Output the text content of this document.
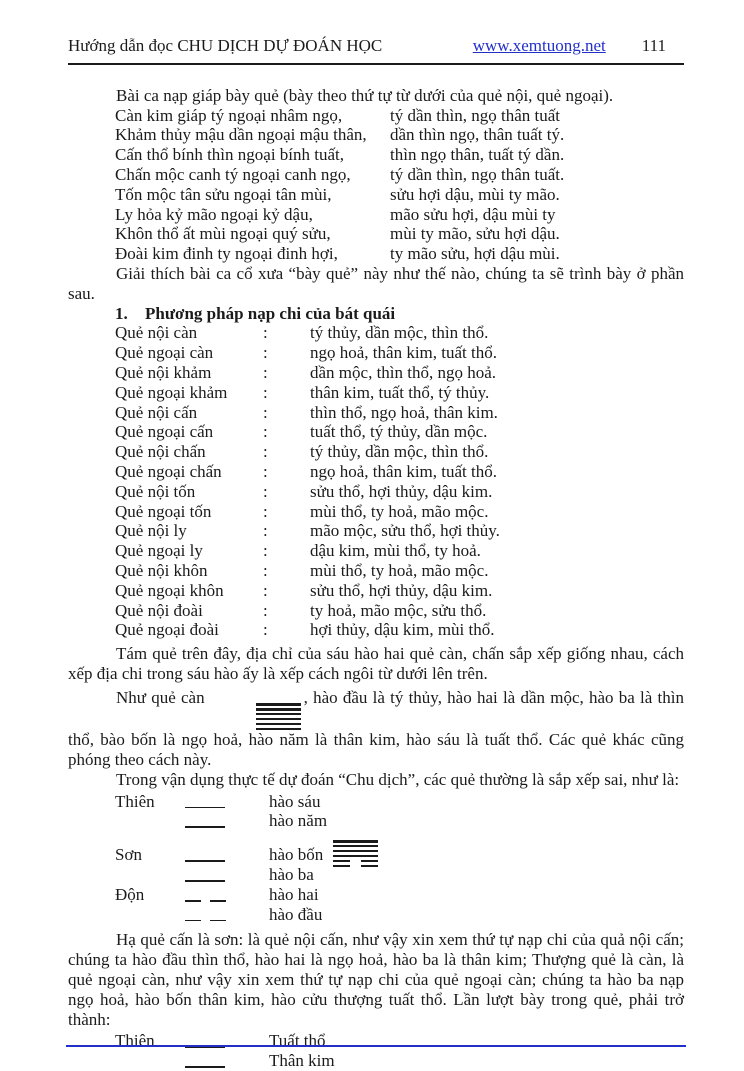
Hướng dẫn đọc CHU DỊCH DỰ ĐOÁN HỌC	www.xemtuong.net 111

Bài ca nạp giáp bày quẻ (bày theo thứ tự từ dưới của quẻ nội, quẻ ngoại).

Càn kim giáp tý ngoại nhâm ngọ,	tý dần thìn, ngọ thân tuất
Khảm thủy mậu dần ngoại mậu thân,	dần thìn ngọ, thân tuất tý.
Cấn thổ bính thìn ngoại bính tuất,	thìn ngọ thân, tuất tý dần.
Chấn mộc canh tý ngoại canh ngọ,	tý dần thìn, ngọ thân tuất.
Tốn mộc tân sửu ngoại tân mùi,	sửu hợi dậu, mùi ty mão.
Ly hỏa kỷ mão ngoại kỷ dậu,	mão sửu hợi, dậu mùi ty
Khôn thổ ất mùi ngoại quý sửu,	mùi ty mão, sửu hợi dậu.
Đoài kim đinh ty ngoại đinh hợi,	ty mão sửu, hợi dậu mùi.

Giải thích bài ca cổ xưa “bày quẻ” này như thế nào, chúng ta sẽ trình bày ở phần sau.

1.	Phương pháp nạp chi của bát quái
Quẻ nội càn	:	tý thủy, dần mộc, thìn thổ.
Quẻ ngoại càn	:	ngọ hoả, thân kim, tuất thổ.
Quẻ nội khảm	:	dần mộc, thìn thổ, ngọ hoả.
Quẻ ngoại khảm	:	thân kim, tuất thổ, tý thủy.
Quẻ nội cấn	:	thìn thổ, ngọ hoả, thân kim.
Quẻ ngoại cấn	:	tuất thổ, tý thủy, dần mộc.
Quẻ nội chấn	:	tý thủy, dần mộc, thìn thổ.
Quẻ ngoại chấn	:	ngọ hoả, thân kim, tuất thổ.
Quẻ nội tốn	:	sửu thổ, hợi thủy, dậu kim.
Quẻ ngoại tốn	:	mùi thổ, ty hoả, mão mộc.
Quẻ nội ly	:	mão mộc, sửu thổ, hợi thủy.
Quẻ ngoại ly	:	dậu kim, mùi thổ, ty hoả.
Quẻ nội khôn	:	mùi thổ, ty hoả, mão mộc.
Quẻ ngoại khôn	:	sửu thổ, hợi thủy, dậu kim.
Quẻ nội đoài	:	ty hoả, mão mộc, sửu thổ.
Quẻ ngoại đoài	:	hợi thủy, dậu kim, mùi thổ.

Tám quẻ trên đây, địa chỉ của sáu hào hai quẻ càn, chấn sắp xếp giống nhau, cách xếp địa chi trong sáu hào ấy là xếp cách ngôi từ dưới lên trên.

Như quẻ càn	, hào đầu là tý thủy, hào hai là dần mộc, hào ba là thìn thổ, bào bốn là ngọ hoả, hào năm là thân kim, hào sáu là tuất thổ. Các quẻ khác cũng phóng theo cách này.

Trong vận dụng thực tế dự đoán “Chu dịch”, các quẻ thường là sắp xếp sai, như là:

Thiên	hào sáu
hào năm
Sơn	hào bốn
hào ba
Độn	hào hai
hào đầu

Hạ quẻ cấn là sơn: là quẻ nội cấn, như vậy xin xem thứ tự nạp chi của quả nội cấn; chúng ta hào đầu thìn thổ, hào hai là ngọ hoả, hào ba là thân kim; Thượng quẻ là càn, là quẻ ngoại càn, như vậy xin xem thứ tự nạp chi của quẻ ngoại càn; chúng ta hào ba nạp ngọ hoả, hào bốn thân kim, hào cửu thượng tuất thổ. Lần lượt bày trong quẻ, phải trở thành:

Thiên	Tuất thổ
Thân kim
